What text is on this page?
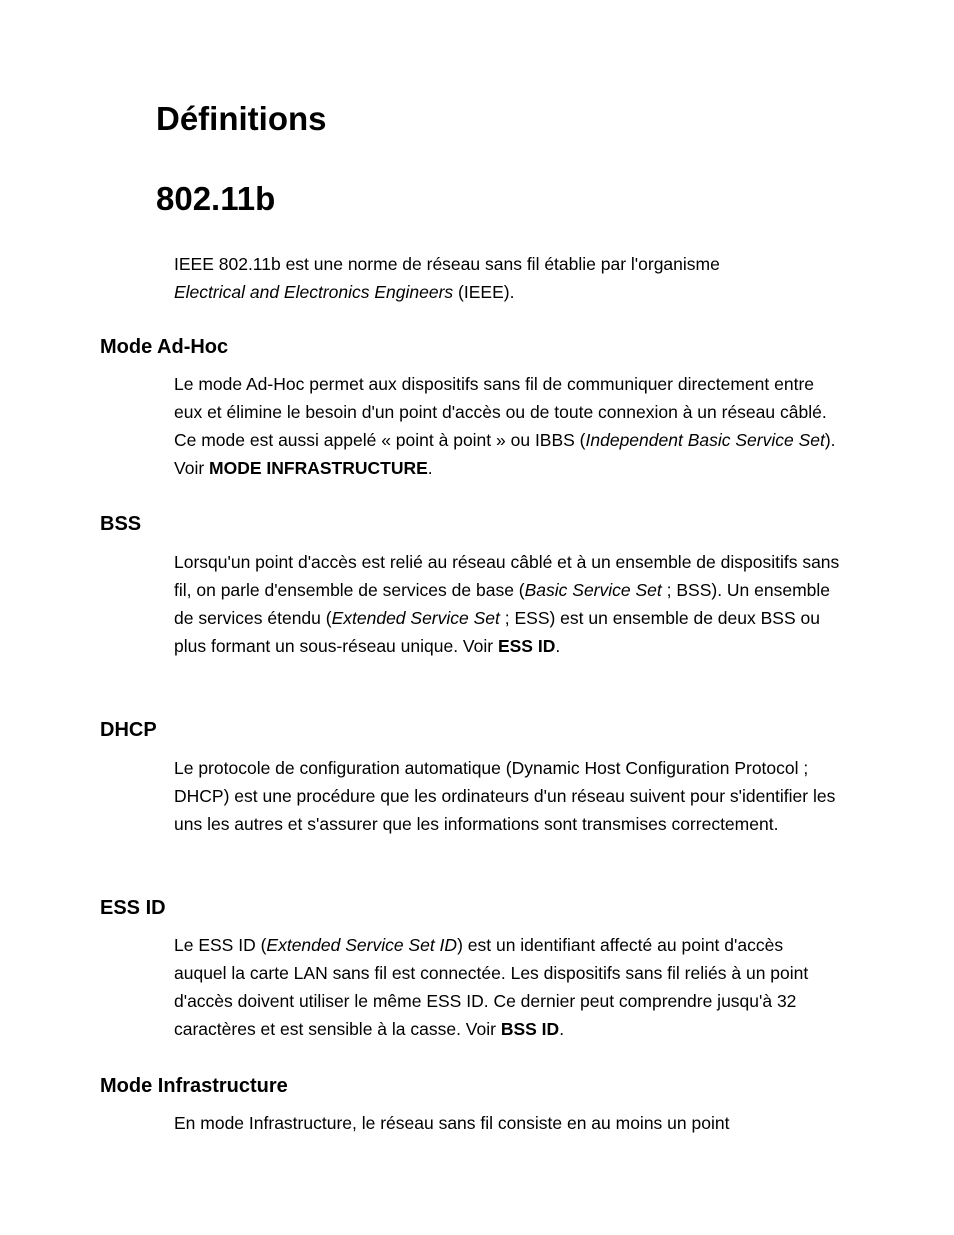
Définitions
802.11b

IEEE 802.11b est une norme de réseau sans fil établie par l'organisme
Electrical and Electronics Engineers (IEEE).

Mode Ad-Hoc

Le mode Ad-Hoc permet aux dispositifs sans fil de communiquer directement entre eux et élimine le besoin d'un point d'accès ou de toute connexion à un réseau câblé. Ce mode est aussi appelé « point à point » ou IBBS (Independent Basic Service Set). Voir MODE INFRASTRUCTURE.

BSS

Lorsqu'un point d'accès est relié au réseau câblé et à un ensemble de dispositifs sans fil, on parle d'ensemble de services de base (Basic Service Set ; BSS). Un ensemble de services étendu (Extended Service Set ; ESS) est un ensemble de deux BSS ou plus formant un sous-réseau unique. Voir ESS ID.

DHCP

Le protocole de configuration automatique (Dynamic Host Configuration Protocol ; DHCP) est une procédure que les ordinateurs d'un réseau suivent pour s'identifier les uns les autres et s'assurer que les informations sont transmises correctement.

ESS ID

Le ESS ID (Extended Service Set ID) est un identifiant affecté au point d'accès auquel la carte LAN sans fil est connectée. Les dispositifs sans fil reliés à un point d'accès doivent utiliser le même ESS ID. Ce dernier peut comprendre jusqu'à 32 caractères et est sensible à la casse. Voir BSS ID.

Mode Infrastructure

En mode Infrastructure, le réseau sans fil consiste en au moins un point
